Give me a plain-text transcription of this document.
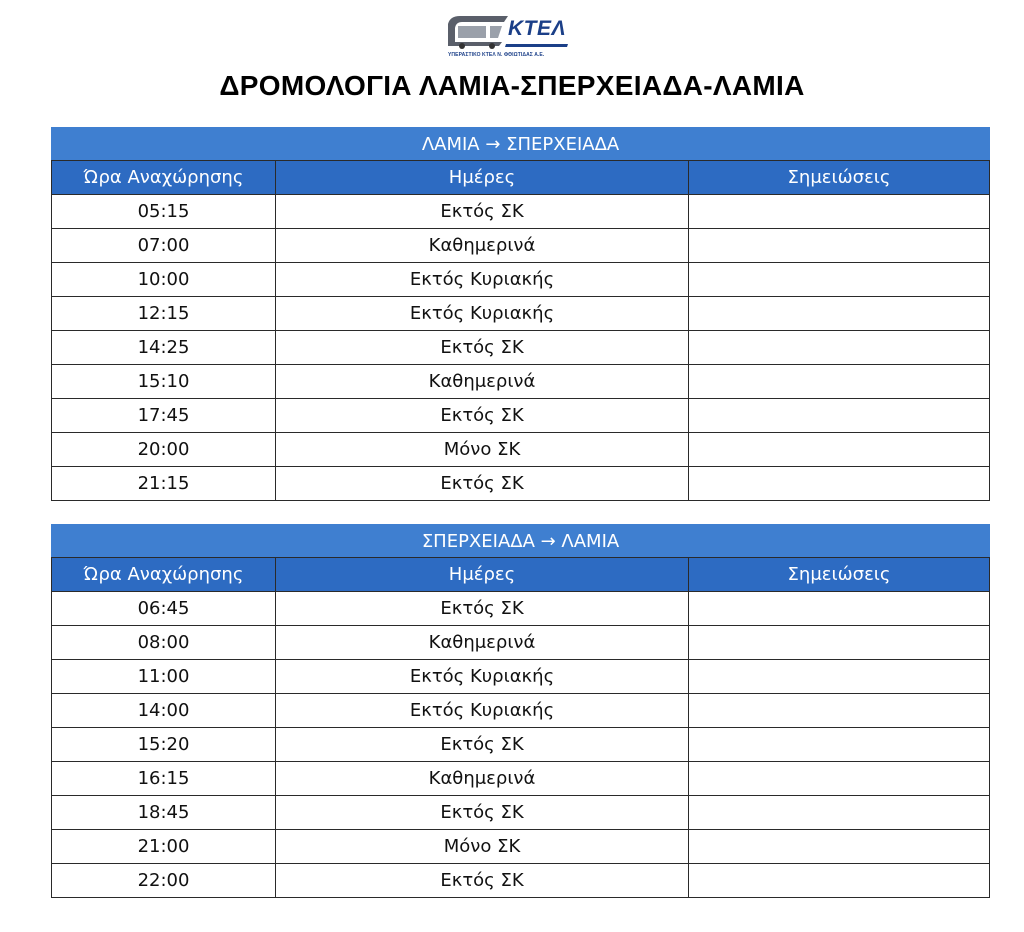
ΚΤΕΛ
ΥΠΕΡΑΣΤΙΚΟ ΚΤΕΛ Ν. ΦΘΙΩΤΙΔΑΣ Α.Ε.
ΔΡΟΜΟΛΟΓΙΑ ΛΑΜΙΑ-ΣΠΕΡΧΕΙΑΔΑ-ΛΑΜΙΑ
ΛΑΜΙΑ → ΣΠΕΡΧΕΙΑΔΑ		
Ώρα Αναχώρησης	Ημέρες	Σημειώσεις
05:15	Εκτός ΣΚ	
07:00	Καθημερινά	
10:00	Εκτός Κυριακής	
12:15	Εκτός Κυριακής	
14:25	Εκτός ΣΚ	
15:10	Καθημερινά	
17:45	Εκτός ΣΚ	
20:00	Μόνο ΣΚ	
21:15	Εκτός ΣΚ	
ΣΠΕΡΧΕΙΑΔΑ → ΛΑΜΙΑ		
Ώρα Αναχώρησης	Ημέρες	Σημειώσεις
06:45	Εκτός ΣΚ	
08:00	Καθημερινά	
11:00	Εκτός Κυριακής	
14:00	Εκτός Κυριακής	
15:20	Εκτός ΣΚ	
16:15	Καθημερινά	
18:45	Εκτός ΣΚ	
21:00	Μόνο ΣΚ	
22:00	Εκτός ΣΚ	
